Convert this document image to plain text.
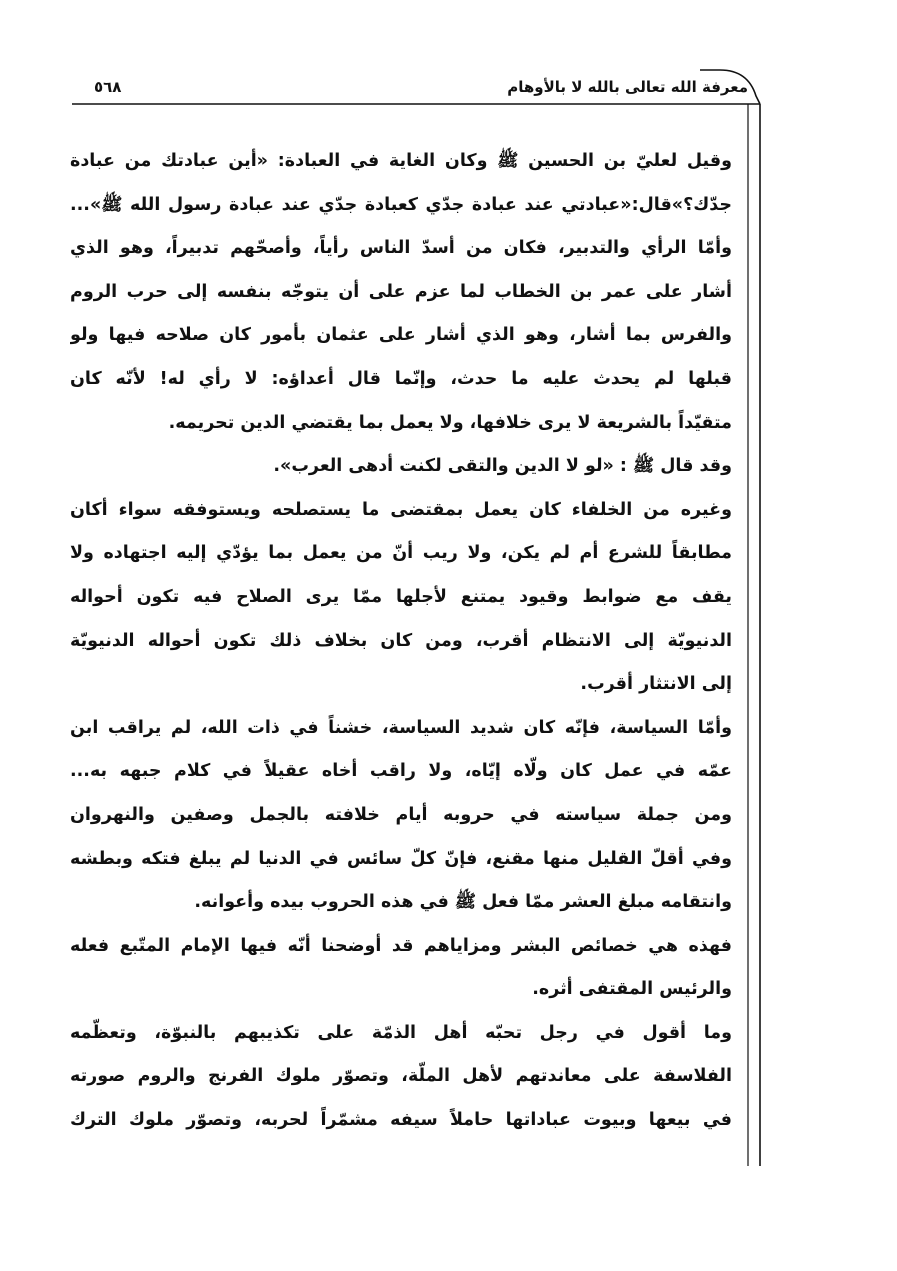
معرفة الله تعالى بالله لا بالأوهام
٥٦٨
وقيل لعليّ بن الحسين ﷺ وكان الغاية في العبادة: «أين عبادتك من عبادة
جدّك؟»قال:«عبادتي عند عبادة جدّي كعبادة جدّي عند عبادة رسول الله ﷺ»...
وأمّا الرأي والتدبير، فكان من أسدّ الناس رأياً، وأصحّهم تدبيراً، وهو الذي
أشار على عمر بن الخطاب لما عزم على أن يتوجّه بنفسه إلى حرب الروم
والفرس بما أشار، وهو الذي أشار على عثمان بأمور كان صلاحه فيها ولو
قبلها لم يحدث عليه ما حدث، وإنّما قال أعداؤه: لا رأي له! لأنّه كان
متقيّداً بالشريعة لا يرى خلافها، ولا يعمل بما يقتضي الدين تحريمه.
وقد قال ﷺ : «لو لا الدين والتقى لكنت أدهى العرب».
وغيره من الخلفاء كان يعمل بمقتضى ما يستصلحه ويستوفقه سواء أكان
مطابقاً للشرع أم لم يكن، ولا ريب أنّ من يعمل بما يؤدّي إليه اجتهاده ولا
يقف مع ضوابط وقيود يمتنع لأجلها ممّا يرى الصلاح فيه تكون أحواله
الدنيويّة إلى الانتظام أقرب، ومن كان بخلاف ذلك تكون أحواله الدنيويّة
إلى الانتثار أقرب.
وأمّا السياسة، فإنّه كان شديد السياسة، خشناً في ذات الله، لم يراقب ابن
عمّه في عمل كان ولّاه إيّاه، ولا راقب أخاه عقيلاً في كلام جبهه به...
ومن جملة سياسته في حروبه أيام خلافته بالجمل وصفين والنهروان
وفي أقلّ القليل منها مقنع، فإنّ كلّ سائس في الدنيا لم يبلغ فتكه وبطشه
وانتقامه مبلغ العشر ممّا فعل ﷺ في هذه الحروب بيده وأعوانه.
فهذه هي خصائص البشر ومزاياهم قد أوضحنا أنّه فيها الإمام المتّبع فعله
والرئيس المقتفى أثره.
وما أقول في رجل تحبّه أهل الذمّة على تكذيبهم بالنبوّة، وتعظّمه
الفلاسفة على معاندتهم لأهل الملّة، وتصوّر ملوك الفرنج والروم صورته
في بيعها وبيوت عباداتها حاملاً سيفه مشمّراً لحربه، وتصوّر ملوك الترك
